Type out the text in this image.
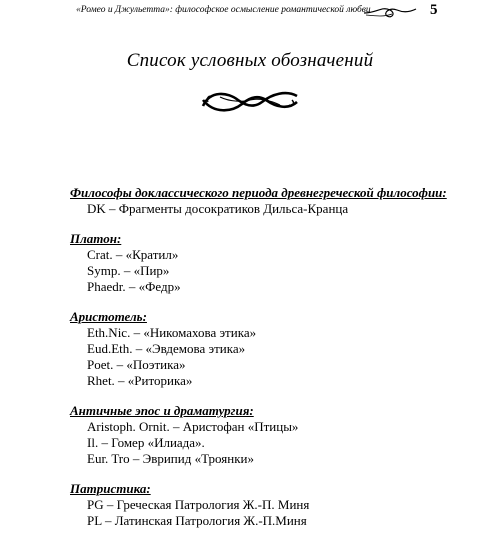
«Ромео и Джульетта»: философское осмысление романтической любви	5
Список условных обозначений
Философы доклассического периода древнегреческой философии:
DK – Фрагменты досократиков Дильса-Кранца
Платон:
Crat. – «Кратил»
Symp. – «Пир»
Phaedr. – «Федр»
Аристотель:
Eth.Nic. – «Никомахова этика»
Eud.Eth. – «Эвдемова этика»
Poet. – «Поэтика»
Rhet. – «Риторика»
Античные эпос и драматургия:
Aristoph. Ornit. – Аристофан «Птицы»
Il. – Гомер «Илиада».
Eur. Tro – Эврипид «Троянки»
Патристика:
PG – Греческая Патрология Ж.-П. Миня
PL – Латинская Патрология Ж.-П.Миня
